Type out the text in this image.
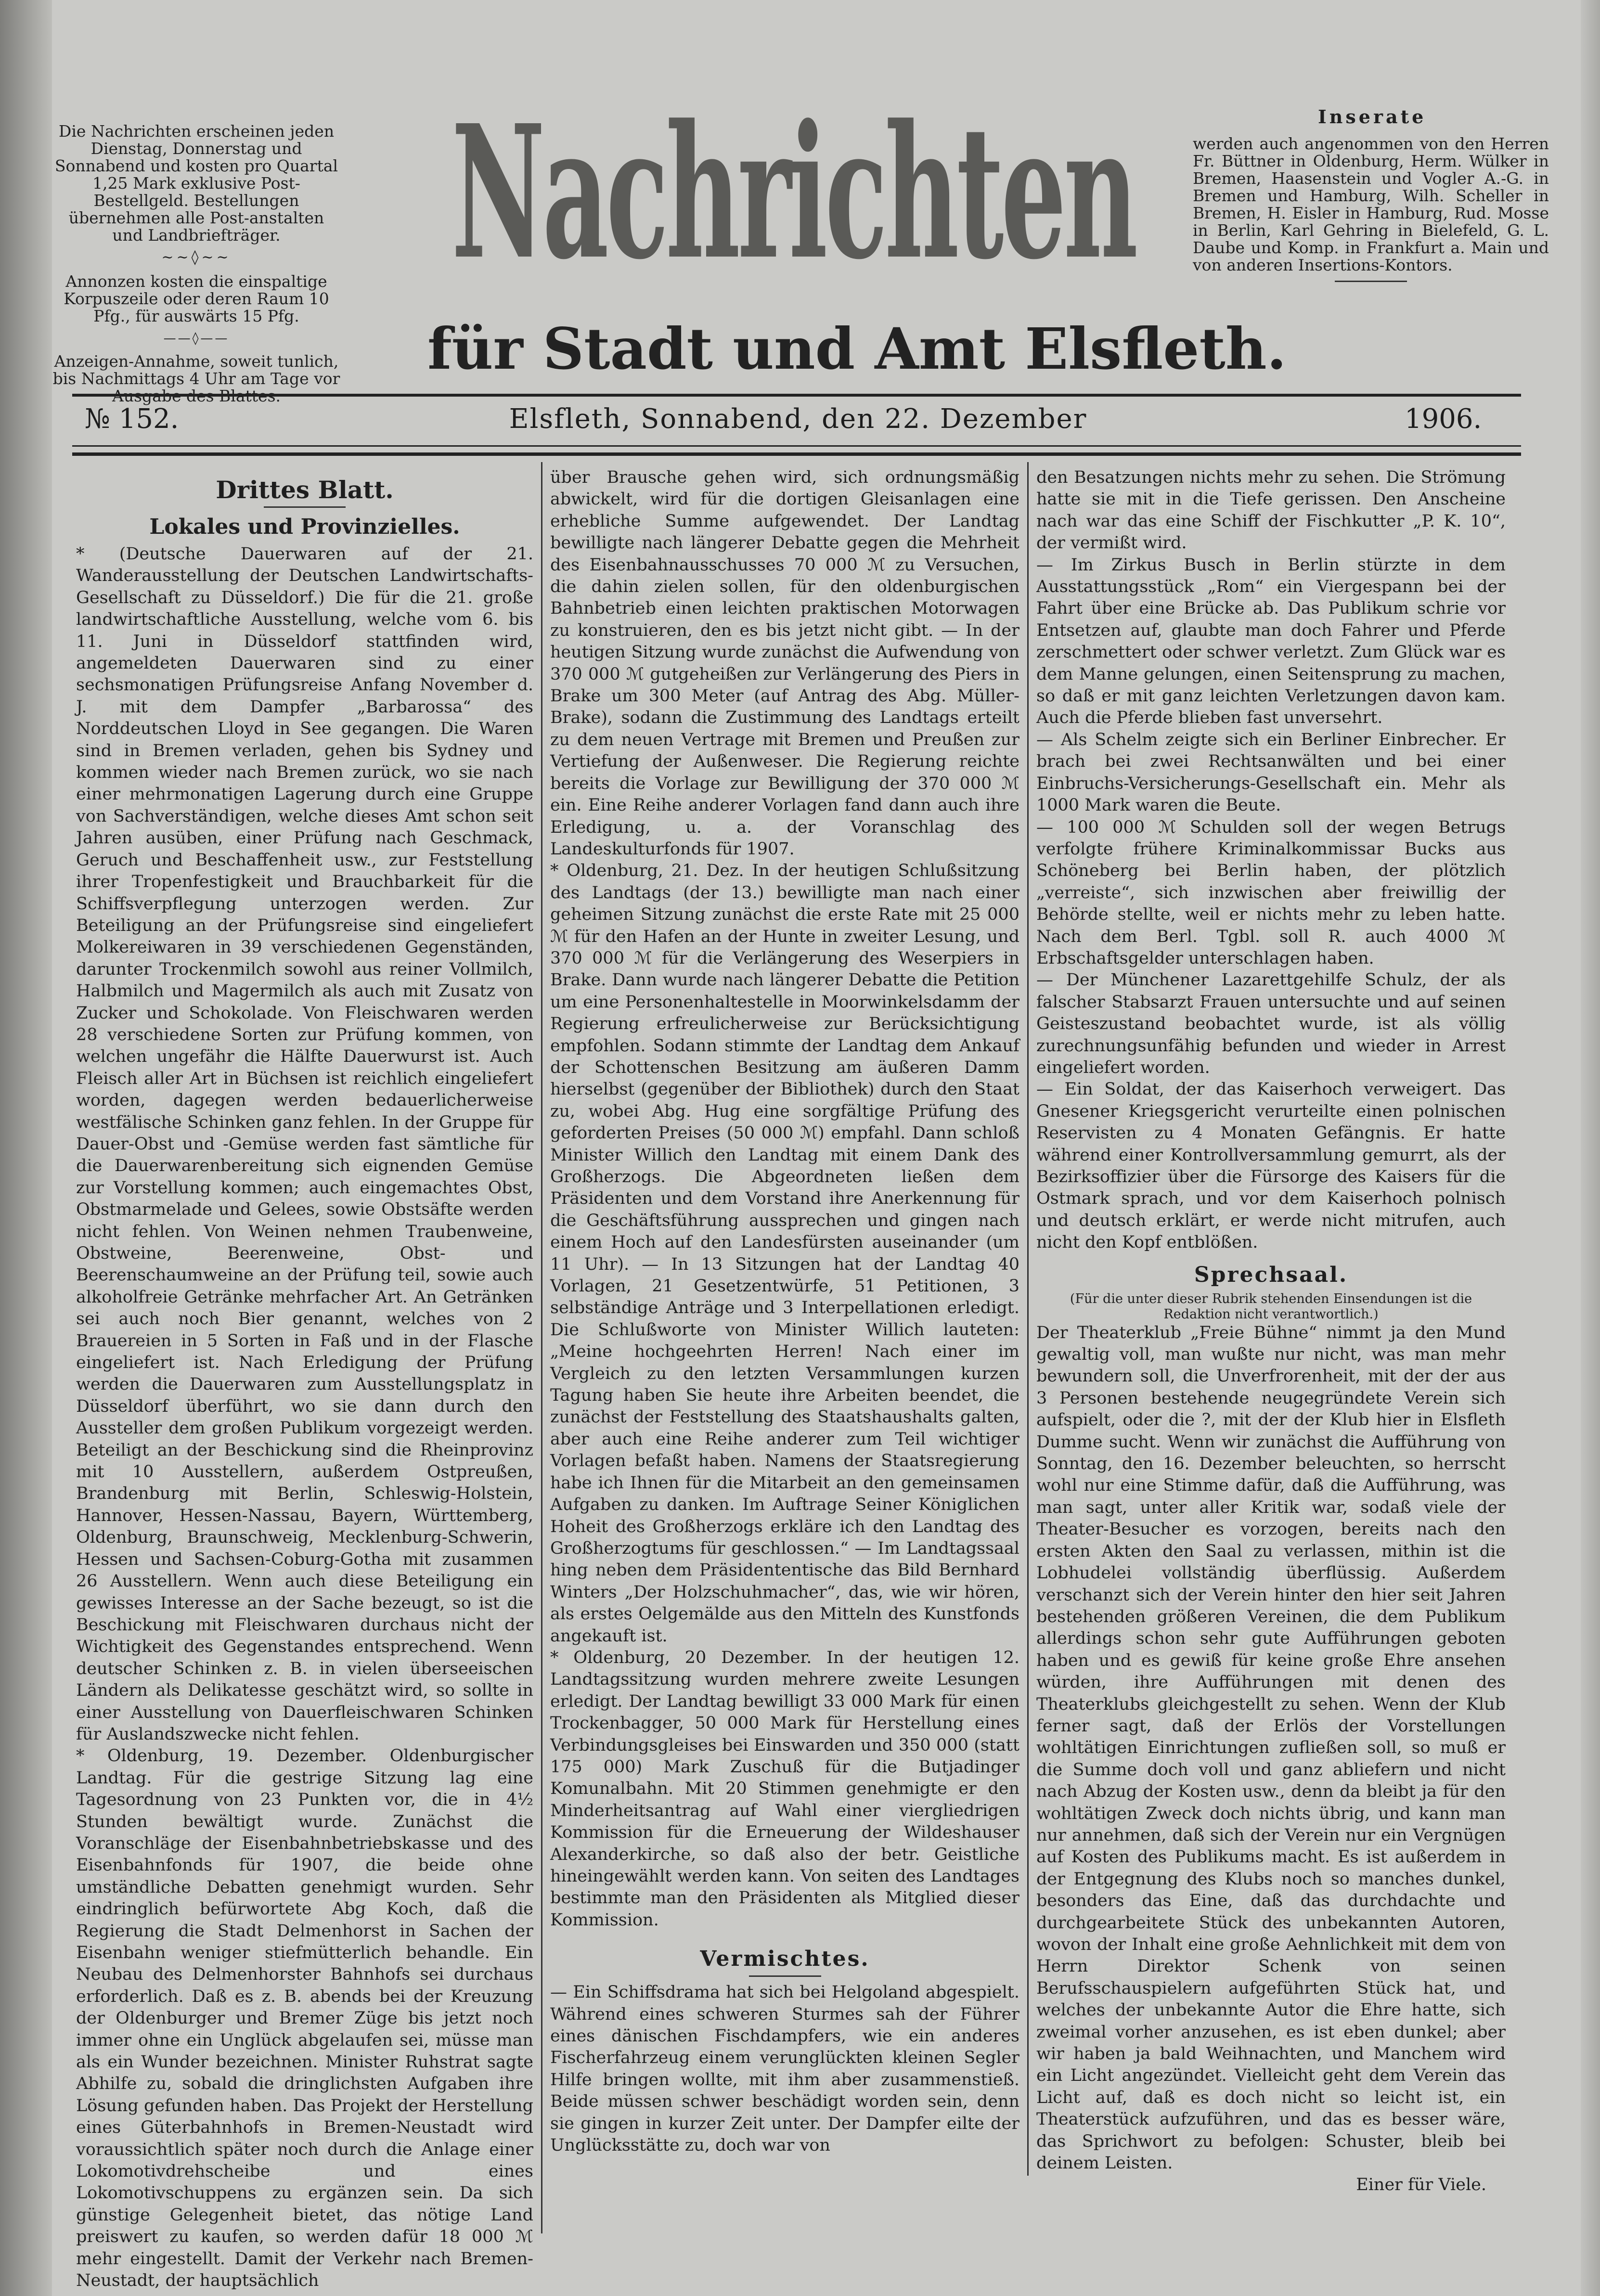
Die Nachrichten erscheinen jeden Dienstag, Donnerstag und Sonnabend und kosten pro Quartal 1,25 Mark exklusive Post-Bestellgeld. Bestellungen übernehmen alle Post-anstalten und Landbriefträger.

~~◊~~

Annonzen kosten die einspaltige Korpuszeile oder deren Raum 10 Pfg., für auswärts 15 Pfg.

——◊——

Anzeigen-Annahme, soweit tunlich, bis Nachmittags 4 Uhr am Tage vor

Nachrichten
für Stadt und Amt Elsfleth.

Inserate

werden auch angenommen von den Herren Fr. Büttner in Oldenburg, Herm. Wülker in Bremen, Haasenstein und Vogler A.-G. in Bremen und Hamburg, Wilh. Scheller in Bremen, H. Eisler in Hamburg, Rud. Mosse in Berlin, Karl Gehring in Bielefeld, G. L. Daube und Komp. in Frankfurt a. Main und von anderen Insertions-Kontors.

№ 152.	Elsfleth, Sonnabend, den 22. Dezember	1906.
Drittes Blatt.
Lokales und Provinzielles.

* (Deutsche Dauerwaren auf der 21. Wanderausstellung der Deutschen Landwirtschafts-Gesellschaft zu Düsseldorf.) Die für die 21. große landwirtschaftliche Ausstellung, welche vom 6. bis 11. Juni in Düsseldorf stattfinden wird, angemeldeten Dauerwaren sind zu einer sechsmonatigen Prüfungsreise Anfang November d. J. mit dem Dampfer „Barbarossa“ des Norddeutschen Lloyd in See gegangen. Die Waren sind in Bremen verladen, gehen bis Sydney und kommen wieder nach Bremen zurück, wo sie nach einer mehrmonatigen Lagerung durch eine Gruppe von Sachverständigen, welche dieses Amt schon seit Jahren ausüben, einer Prüfung nach Geschmack, Geruch und Beschaffenheit usw., zur Feststellung ihrer Tropenfestigkeit und Brauchbarkeit für die Schiffsverpflegung unterzogen werden. Zur Beteiligung an der Prüfungsreise sind eingeliefert Molkereiwaren in 39 verschiedenen Gegenständen, darunter Trockenmilch sowohl aus reiner Vollmilch, Halbmilch und Magermilch als auch mit Zusatz von Zucker und Schokolade. Von Fleischwaren werden 28 verschiedene Sorten zur Prüfung kommen, von welchen ungefähr die Hälfte Dauerwurst ist. Auch Fleisch aller Art in Büchsen ist reichlich eingeliefert worden, dagegen werden bedauerlicherweise westfälische Schinken ganz fehlen. In der Gruppe für Dauer-Obst und -Gemüse werden fast sämtliche für die Dauerwarenbereitung sich eignenden Gemüse zur Vorstellung kommen; auch eingemachtes Obst, Obstmarmelade und Gelees, sowie Obstsäfte werden nicht fehlen. Von Weinen nehmen Traubenweine, Obstweine, Beerenweine, Obst- und Beerenschaumweine an der Prüfung teil, sowie auch alkoholfreie Getränke mehrfacher Art. An Getränken sei auch noch Bier genannt, welches von 2 Brauereien in 5 Sorten in Faß und in der Flasche eingeliefert ist. Nach Erledigung der Prüfung werden die Dauerwaren zum Ausstellungsplatz in Düsseldorf überführt, wo sie dann durch den Aussteller dem großen Publikum vorgezeigt werden. Beteiligt an der Beschickung sind die Rheinprovinz mit 10 Ausstellern, außerdem Ostpreußen, Brandenburg mit Berlin, Schleswig-Holstein, Hannover, Hessen-Nassau, Bayern, Württemberg, Oldenburg, Braunschweig, Mecklenburg-Schwerin, Hessen und Sachsen-Coburg-Gotha mit zusammen 26 Ausstellern. Wenn auch diese Beteiligung ein gewisses Interesse an der Sache bezeugt, so ist die Beschickung mit Fleischwaren durchaus nicht der Wichtigkeit des Gegenstandes entsprechend. Wenn deutscher Schinken z. B. in vielen überseeischen Ländern als Delikatesse geschätzt wird, so sollte in einer Ausstellung von Dauerfleischwaren Schinken für Auslandszwecke nicht fehlen.

* Oldenburg, 19. Dezember. Oldenburgischer Landtag. Für die gestrige Sitzung lag eine Tagesordnung von 23 Punkten vor, die in 4½ Stunden bewältigt wurde. Zunächst die Voranschläge der Eisenbahnbetriebskasse und des Eisenbahnfonds für 1907, die beide ohne umständliche Debatten genehmigt wurden. Sehr eindringlich befürwortete Abg Koch, daß die Regierung die Stadt Delmenhorst in Sachen der Eisenbahn weniger stiefmütterlich behandle. Ein Neubau des Delmenhorster Bahnhofs sei durchaus erforderlich. Daß es z. B. abends bei der Kreuzung der Oldenburger und Bremer Züge bis jetzt noch immer ohne ein Unglück abgelaufen sei, müsse man als ein Wunder bezeichnen. Minister Ruhstrat sagte Abhilfe zu, sobald die dringlichsten Aufgaben ihre Lösung gefunden haben. Das Projekt der Herstellung eines Güterbahnhofs in Bremen-Neustadt wird voraussichtlich später noch durch die Anlage einer Lokomotivdrehscheibe und eines Lokomotivschuppens zu ergänzen sein. Da sich günstige Gelegenheit bietet, das nötige Land preiswert zu kaufen, so werden dafür 18 000 ℳ mehr eingestellt. Damit der Verkehr nach Bremen-Neustadt, der hauptsächlich

über Brausche gehen wird, sich ordnungsmäßig abwickelt, wird für die dortigen Gleisanlagen eine erhebliche Summe aufgewendet. Der Landtag bewilligte nach längerer Debatte gegen die Mehrheit des Eisenbahnausschusses 70 000 ℳ zu Versuchen, die dahin zielen sollen, für den oldenburgischen Bahnbetrieb einen leichten praktischen Motorwagen zu konstruieren, den es bis jetzt nicht gibt. — In der heutigen Sitzung wurde zunächst die Aufwendung von 370 000 ℳ gutgeheißen zur Verlängerung des Piers in Brake um 300 Meter (auf Antrag des Abg. Müller-Brake), sodann die Zustimmung des Landtags erteilt zu dem neuen Vertrage mit Bremen und Preußen zur Vertiefung der Außenweser. Die Regierung reichte bereits die Vorlage zur Bewilligung der 370 000 ℳ ein. Eine Reihe anderer Vorlagen fand dann auch ihre Erledigung, u. a. der Voranschlag des Landeskulturfonds für 1907.

* Oldenburg, 21. Dez. In der heutigen Schlußsitzung des Landtags (der 13.) bewilligte man nach einer geheimen Sitzung zunächst die erste Rate mit 25 000 ℳ für den Hafen an der Hunte in zweiter Lesung, und 370 000 ℳ für die Verlängerung des Weserpiers in Brake. Dann wurde nach längerer Debatte die Petition um eine Personenhaltestelle in Moorwinkelsdamm der Regierung erfreulicherweise zur Berücksichtigung empfohlen. Sodann stimmte der Landtag dem Ankauf der Schottenschen Besitzung am äußeren Damm hierselbst (gegenüber der Bibliothek) durch den Staat zu, wobei Abg. Hug eine sorgfältige Prüfung des geforderten Preises (50 000 ℳ) empfahl. Dann schloß Minister Willich den Landtag mit einem Dank des Großherzogs. Die Abgeordneten ließen dem Präsidenten und dem Vorstand ihre Anerkennung für die Geschäftsführung aussprechen und gingen nach einem Hoch auf den Landesfürsten auseinander (um 11 Uhr). — In 13 Sitzungen hat der Landtag 40 Vorlagen, 21 Gesetzentwürfe, 51 Petitionen, 3 selbständige Anträge und 3 Interpellationen erledigt. Die Schlußworte von Minister Willich lauteten: „Meine hochgeehrten Herren! Nach einer im Vergleich zu den letzten Versammlungen kurzen Tagung haben Sie heute ihre Arbeiten beendet, die zunächst der Feststellung des Staatshaushalts galten, aber auch eine Reihe anderer zum Teil wichtiger Vorlagen befaßt haben. Namens der Staatsregierung habe ich Ihnen für die Mitarbeit an den gemeinsamen Aufgaben zu danken. Im Auftrage Seiner Königlichen Hoheit des Großherzogs erkläre ich den Landtag des Großherzogtums für geschlossen.“ — Im Landtagssaal hing neben dem Präsidententische das Bild Bernhard Winters „Der Holzschuhmacher“, das, wie wir hören, als erstes Oelgemälde aus den Mitteln des Kunstfonds angekauft ist.

* Oldenburg, 20 Dezember. In der heutigen 12. Landtagssitzung wurden mehrere zweite Lesungen erledigt. Der Landtag bewilligt 33 000 Mark für einen Trockenbagger, 50 000 Mark für Herstellung eines Verbindungsgleises bei Einswarden und 350 000 (statt 175 000) Mark Zuschuß für die Butjadinger Komunalbahn. Mit 20 Stimmen genehmigte er den Minderheitsantrag auf Wahl einer viergliedrigen Kommission für die Erneuerung der Wildeshauser Alexanderkirche, so daß also der betr. Geistliche hineingewählt werden kann. Von seiten des Landtages bestimmte man den Präsidenten als Mitglied dieser Kommission.

Vermischtes.

— Ein Schiffsdrama hat sich bei Helgoland abgespielt. Während eines schweren Sturmes sah der Führer eines dänischen Fischdampfers, wie ein anderes Fischerfahrzeug einem verunglückten kleinen Segler Hilfe bringen wollte, mit ihm aber zusammenstieß. Beide müssen schwer beschädigt worden sein, denn sie gingen in kurzer Zeit unter. Der Dampfer eilte der Unglücksstätte zu, doch war von

den Besatzungen nichts mehr zu sehen. Die Strömung hatte sie mit in die Tiefe gerissen. Den Anscheine nach war das eine Schiff der Fischkutter „P. K. 10“, der vermißt wird.

— Im Zirkus Busch in Berlin stürzte in dem Ausstattungsstück „Rom“ ein Viergespann bei der Fahrt über eine Brücke ab. Das Publikum schrie vor Entsetzen auf, glaubte man doch Fahrer und Pferde zerschmettert oder schwer verletzt. Zum Glück war es dem Manne gelungen, einen Seitensprung zu machen, so daß er mit ganz leichten Verletzungen davon kam. Auch die Pferde blieben fast unversehrt.

— Als Schelm zeigte sich ein Berliner Einbrecher. Er brach bei zwei Rechtsanwälten und bei einer Einbruchs-Versicherungs-Gesellschaft ein. Mehr als 1000 Mark waren die Beute.

— 100 000 ℳ Schulden soll der wegen Betrugs verfolgte frühere Kriminalkommissar Bucks aus Schöneberg bei Berlin haben, der plötzlich „verreiste“, sich inzwischen aber freiwillig der Behörde stellte, weil er nichts mehr zu leben hatte. Nach dem Berl. Tgbl. soll R. auch 4000 ℳ Erbschaftsgelder unterschlagen haben.

— Der Münchener Lazarettgehilfe Schulz, der als falscher Stabsarzt Frauen untersuchte und auf seinen Geisteszustand beobachtet wurde, ist als völlig zurechnungsunfähig befunden und wieder in Arrest eingeliefert worden.

— Ein Soldat, der das Kaiserhoch verweigert. Das Gnesener Kriegsgericht verurteilte einen polnischen Reservisten zu 4 Monaten Gefängnis. Er hatte während einer Kontrollversammlung gemurrt, als der Bezirksoffizier über die Fürsorge des Kaisers für die Ostmark sprach, und vor dem Kaiserhoch polnisch und deutsch erklärt, er werde nicht mitrufen, auch nicht den Kopf entblößen.

Sprechsaal.
(Für die unter dieser Rubrik stehenden Einsendungen ist die Redaktion nicht verantwortlich.)

Der Theaterklub „Freie Bühne“ nimmt ja den Mund gewaltig voll, man wußte nur nicht, was man mehr bewundern soll, die Unverfrorenheit, mit der der aus 3 Personen bestehende neugegründete Verein sich aufspielt, oder die ?, mit der der Klub hier in Elsfleth Dumme sucht. Wenn wir zunächst die Aufführung von Sonntag, den 16. Dezember beleuchten, so herrscht wohl nur eine Stimme dafür, daß die Aufführung, was man sagt, unter aller Kritik war, sodaß viele der Theater-Besucher es vorzogen, bereits nach den ersten Akten den Saal zu verlassen, mithin ist die Lobhudelei vollständig überflüssig. Außerdem verschanzt sich der Verein hinter den hier seit Jahren bestehenden größeren Vereinen, die dem Publikum allerdings schon sehr gute Aufführungen geboten haben und es gewiß für keine große Ehre ansehen würden, ihre Aufführungen mit denen des Theaterklubs gleichgestellt zu sehen. Wenn der Klub ferner sagt, daß der Erlös der Vorstellungen wohltätigen Einrichtungen zufließen soll, so muß er die Summe doch voll und ganz abliefern und nicht nach Abzug der Kosten usw., denn da bleibt ja für den wohltätigen Zweck doch nichts übrig, und kann man nur annehmen, daß sich der Verein nur ein Vergnügen auf Kosten des Publikums macht. Es ist außerdem in der Entgegnung des Klubs noch so manches dunkel, besonders das Eine, daß das durchdachte und durchgearbeitete Stück des unbekannten Autoren, wovon der Inhalt eine große Aehnlichkeit mit dem von Herrn Direktor Schenk von seinen Berufsschauspielern aufgeführten Stück hat, und welches der unbekannte Autor die Ehre hatte, sich zweimal vorher anzusehen, es ist eben dunkel; aber wir haben ja bald Weihnachten, und Manchem wird ein Licht angezündet. Vielleicht geht dem Verein das Licht auf, daß es doch nicht so leicht ist, ein Theaterstück aufzuführen, und das es besser wäre, das Sprichwort zu befolgen: Schuster, bleib bei deinem Leisten.

Einer für Viele.
